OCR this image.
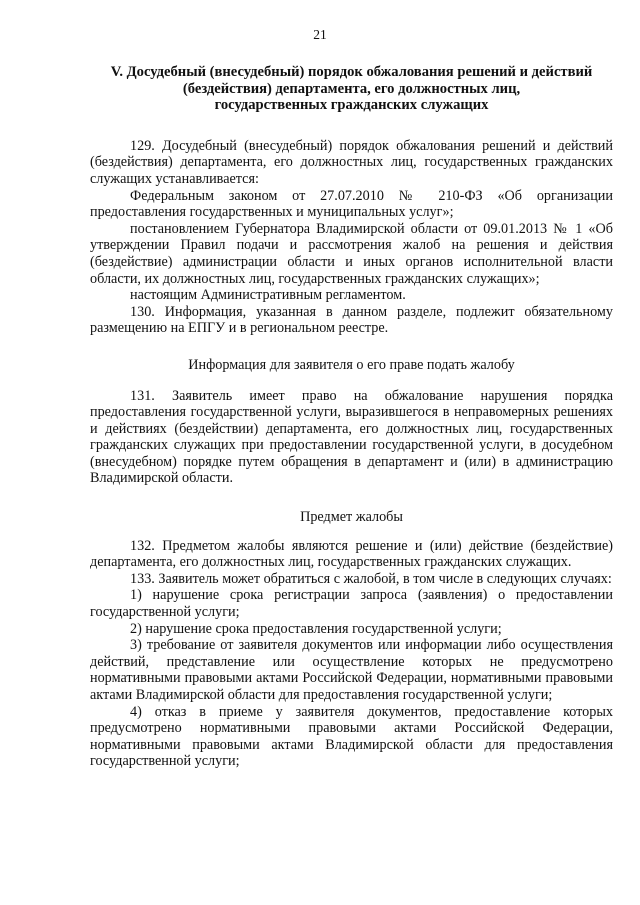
21
V. Досудебный (внесудебный) порядок обжалования решений и действий
(бездействия) департамента, его должностных лиц,
государственных гражданских служащих

129. Досудебный (внесудебный) порядок обжалования решений и действий (бездействия) департамента, его должностных лиц, государственных гражданских служащих устанавливается:

Федеральным законом от 27.07.2010 № 210-ФЗ «Об организации предоставления государственных и муниципальных услуг»;

постановлением Губернатора Владимирской области от 09.01.2013 № 1 «Об утверждении Правил подачи и рассмотрения жалоб на решения и действия (бездействие) администрации области и иных органов исполнительной власти области, их должностных лиц, государственных гражданских служащих»;

настоящим Административным регламентом.

130. Информация, указанная в данном разделе, подлежит обязательному размещению на ЕПГУ и в региональном реестре.

Информация для заявителя о его праве подать жалобу

131. Заявитель имеет право на обжалование нарушения порядка предоставления государственной услуги, выразившегося в неправомерных решениях и действиях (бездействии) департамента, его должностных лиц, государственных гражданских служащих при предоставлении государственной услуги, в досудебном (внесудебном) порядке путем обращения в департамент и (или) в администрацию Владимирской области.

Предмет жалобы

132. Предметом жалобы являются решение и (или) действие (бездействие) департамента, его должностных лиц, государственных гражданских служащих.

133. Заявитель может обратиться с жалобой, в том числе в следующих случаях:

1) нарушение срока регистрации запроса (заявления) о предоставлении государственной услуги;

2) нарушение срока предоставления государственной услуги;

3) требование от заявителя документов или информации либо осуществления действий, представление или осуществление которых не предусмотрено нормативными правовыми актами Российской Федерации, нормативными правовыми актами Владимирской области для предоставления государственной услуги;

4) отказ в приеме у заявителя документов, предоставление которых предусмотрено нормативными правовыми актами Российской Федерации, нормативными правовыми актами Владимирской области для предоставления государственной услуги;
